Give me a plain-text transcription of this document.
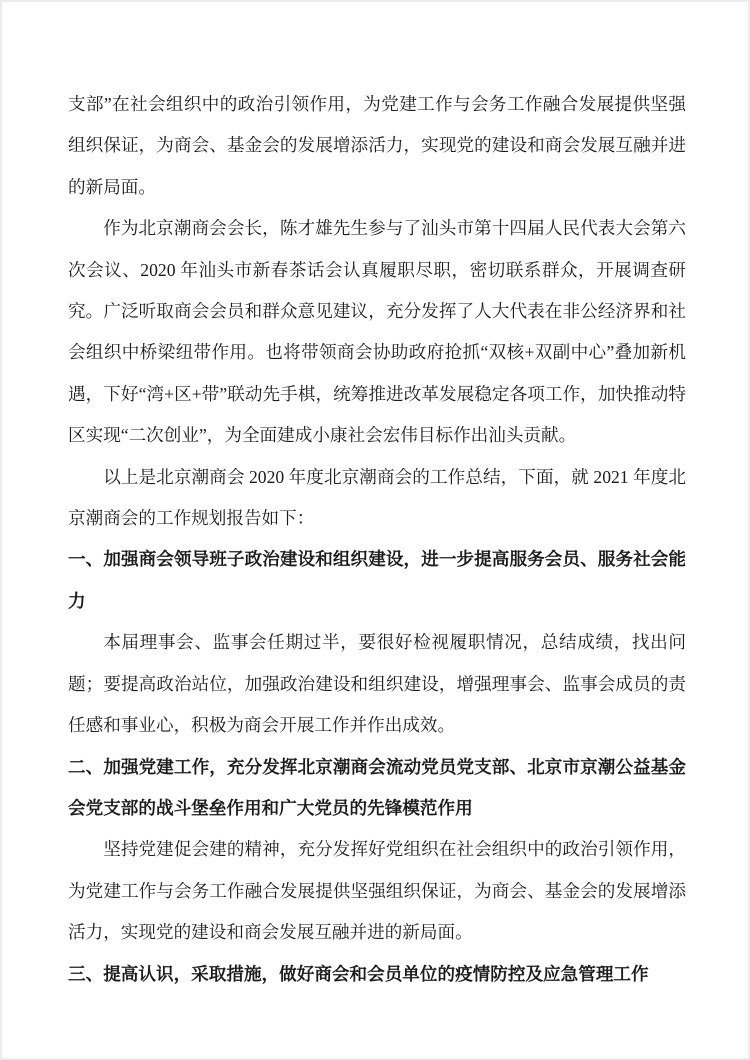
支部”在社会组织中的政治引领作用，为党建工作与会务工作融合发展提供坚强组织保证，为商会、基金会的发展增添活力，实现党的建设和商会发展互融并进的新局面。

作为北京潮商会会长，陈才雄先生参与了汕头市第十四届人民代表大会第六次会议、2020 年汕头市新春茶话会认真履职尽职，密切联系群众，开展调查研究。广泛听取商会会员和群众意见建议，充分发挥了人大代表在非公经济界和社会组织中桥梁纽带作用。也将带领商会协助政府抢抓“双核+双副中心”叠加新机遇，下好“湾+区+带”联动先手棋，统筹推进改革发展稳定各项工作，加快推动特区实现“二次创业”，为全面建成小康社会宏伟目标作出汕头贡献。

以上是北京潮商会 2020 年度北京潮商会的工作总结，下面，就 2021 年度北京潮商会的工作规划报告如下：

一、加强商会领导班子政治建设和组织建设，进一步提高服务会员、服务社会能力

本届理事会、监事会任期过半，要很好检视履职情况，总结成绩，找出问题；要提高政治站位，加强政治建设和组织建设，增强理事会、监事会成员的责任感和事业心，积极为商会开展工作并作出成效。

二、加强党建工作，充分发挥北京潮商会流动党员党支部、北京市京潮公益基金会党支部的战斗堡垒作用和广大党员的先锋模范作用

坚持党建促会建的精神，充分发挥好党组织在社会组织中的政治引领作用，为党建工作与会务工作融合发展提供坚强组织保证，为商会、基金会的发展增添活力，实现党的建设和商会发展互融并进的新局面。

三、提高认识，采取措施，做好商会和会员单位的疫情防控及应急管理工作
